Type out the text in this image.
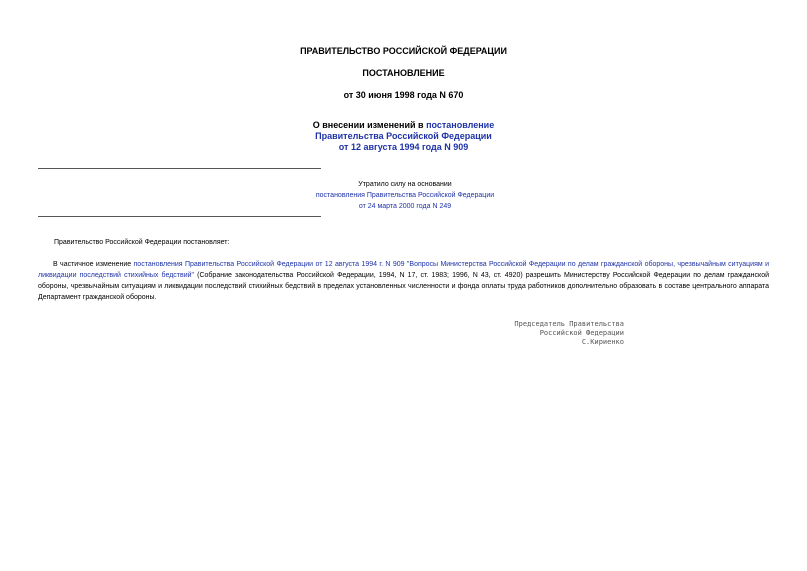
ПРАВИТЕЛЬСТВО РОССИЙСКОЙ ФЕДЕРАЦИИ
ПОСТАНОВЛЕНИЕ
от 30 июня 1998 года N 670
О внесении изменений в постановление
Правительства Российской Федерации
от 12 августа 1994 года N 909
Утратило силу на основании
постановления Правительства Российской Федерации
от 24 марта 2000 года N 249
Правительство Российской Федерации постановляет:
В частичное изменение постановления Правительства Российской Федерации от 12 августа 1994 г. N 909 "Вопросы Министерства Российской Федерации по делам гражданской обороны, чрезвычайным ситуациям и ликвидации последствий стихийных бедствий" (Собрание законодательства Российской Федерации, 1994, N 17, ст. 1983; 1996, N 43, ст. 4920) разрешить Министерству Российской Федерации по делам гражданской обороны, чрезвычайным ситуациям и ликвидации последствий стихийных бедствий в пределах установленных численности и фонда оплаты труда работников дополнительно образовать в составе центрального аппарата Департамент гражданской обороны.
Председатель Правительства
Российской Федерации
С.Кириенко
